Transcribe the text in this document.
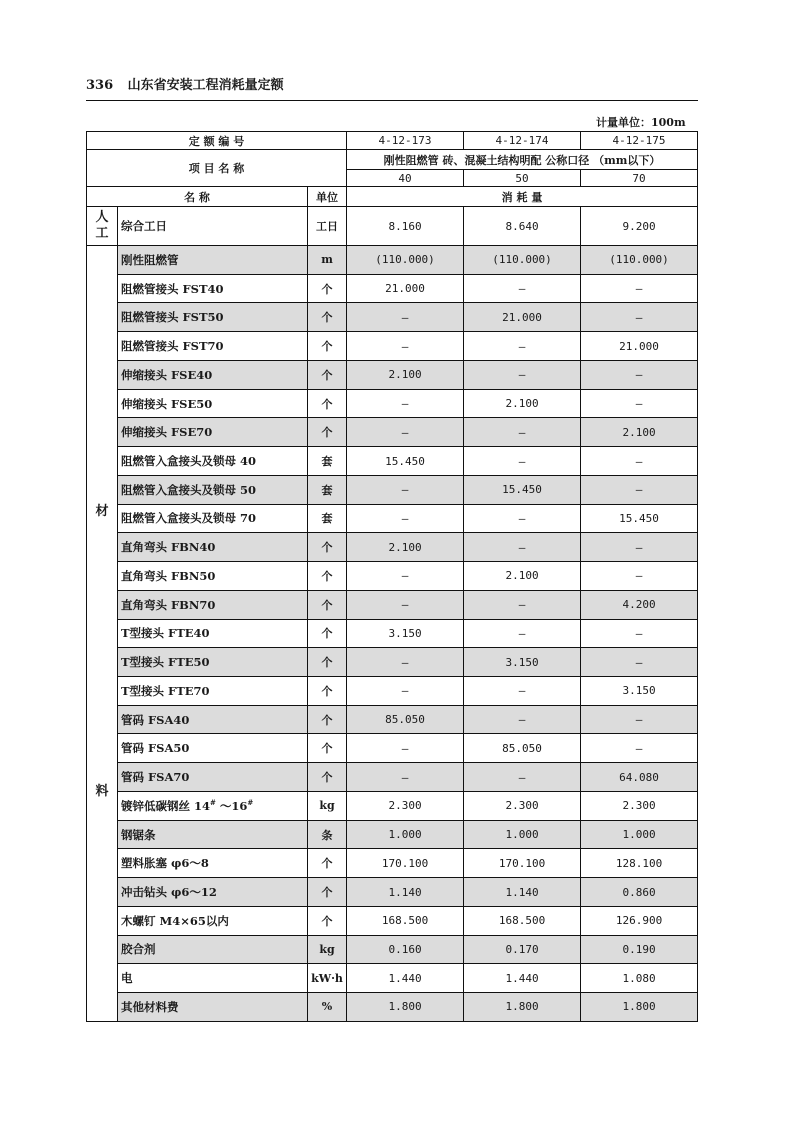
336 山东省安装工程消耗量定额
计量单位：100m
定 额 编 号			4-12-173	4-12-174	4-12-175
项 目 名 称			刚性阻燃管 砖、混凝土结构明配 公称口径 （mm以下）		
			40	50	70
名 称		单位	消 耗 量		
人工	综合工日	工日	8.160	8.640	9.200

材
料	刚性阻燃管	m	(110.000)	(110.000)	(110.000)
	阻燃管接头 FST40	个	21.000	—	—
	阻燃管接头 FST50	个	—	21.000	—
	阻燃管接头 FST70	个	—	—	21.000
	伸缩接头 FSE40	个	2.100	—	—
	伸缩接头 FSE50	个	—	2.100	—
	伸缩接头 FSE70	个	—	—	2.100
	阻燃管入盒接头及锁母 40	套	15.450	—	—
	阻燃管入盒接头及锁母 50	套	—	15.450	—
	阻燃管入盒接头及锁母 70	套	—	—	15.450
	直角弯头 FBN40	个	2.100	—	—
	直角弯头 FBN50	个	—	2.100	—
	直角弯头 FBN70	个	—	—	4.200
	T型接头 FTE40	个	3.150	—	—
	T型接头 FTE50	个	—	3.150	—
	T型接头 FTE70	个	—	—	3.150
	管码 FSA40	个	85.050	—	—
	管码 FSA50	个	—	85.050	—
	管码 FSA70	个	—	—	64.080
	镀锌低碳钢丝 14# ～16#	kg	2.300	2.300	2.300
	钢锯条	条	1.000	1.000	1.000
	塑料胀塞 φ6～8	个	170.100	170.100	128.100
	冲击钻头 φ6～12	个	1.140	1.140	0.860
	木螺钉 M4×65以内	个	168.500	168.500	126.900
	胶合剂	kg	0.160	0.170	0.190
	电	kW·h	1.440	1.440	1.080
	其他材料费	%	1.800	1.800	1.800
